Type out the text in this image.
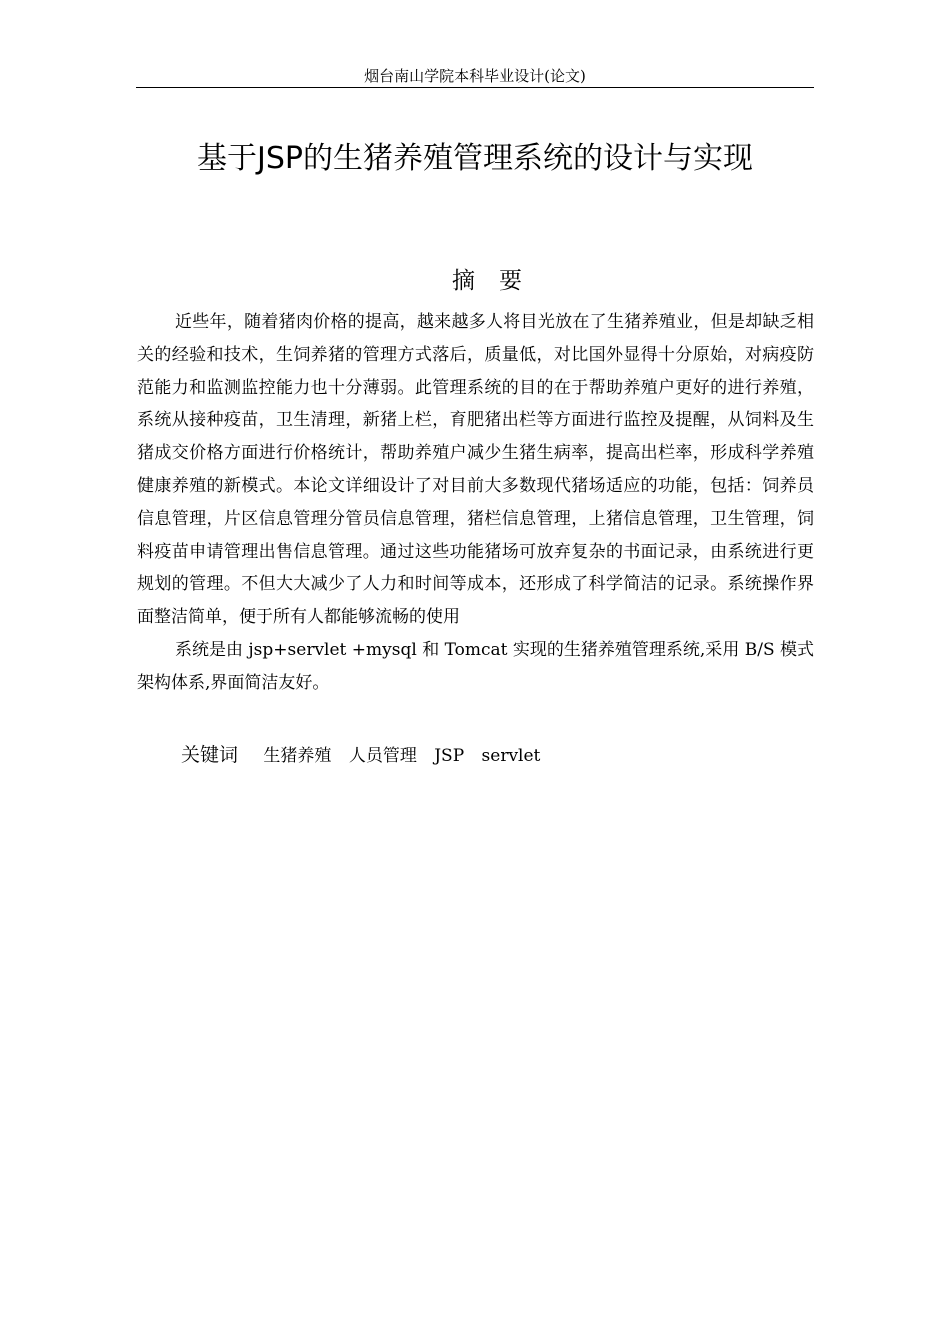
烟台南山学院本科毕业设计(论文)
基于JSP的生猪养殖管理系统的设计与实现
摘要

近些年，随着猪肉价格的提高，越来越多人将目光放在了生猪养殖业，但是却缺乏相关的经验和技术，生饲养猪的管理方式落后，质量低，对比国外显得十分原始，对病疫防范能力和监测监控能力也十分薄弱。此管理系统的目的在于帮助养殖户更好的进行养殖，系统从接种疫苗，卫生清理，新猪上栏，育肥猪出栏等方面进行监控及提醒，从饲料及生猪成交价格方面进行价格统计，帮助养殖户减少生猪生病率，提高出栏率，形成科学养殖健康养殖的新模式。本论文详细设计了对目前大多数现代猪场适应的功能，包括：饲养员信息管理，片区信息管理分管员信息管理，猪栏信息管理，上猪信息管理，卫生管理，饲料疫苗申请管理出售信息管理。通过这些功能猪场可放弃复杂的书面记录，由系统进行更规划的管理。不但大大减少了人力和时间等成本，还形成了科学简洁的记录。系统操作界面整洁简单，便于所有人都能够流畅的使用

系统是由 jsp+servlet +mysql 和 Tomcat 实现的生猪养殖管理系统,采用 B/S 模式架构体系,界面简洁友好。

关键词 生猪养殖 人员管理 JSP servlet
